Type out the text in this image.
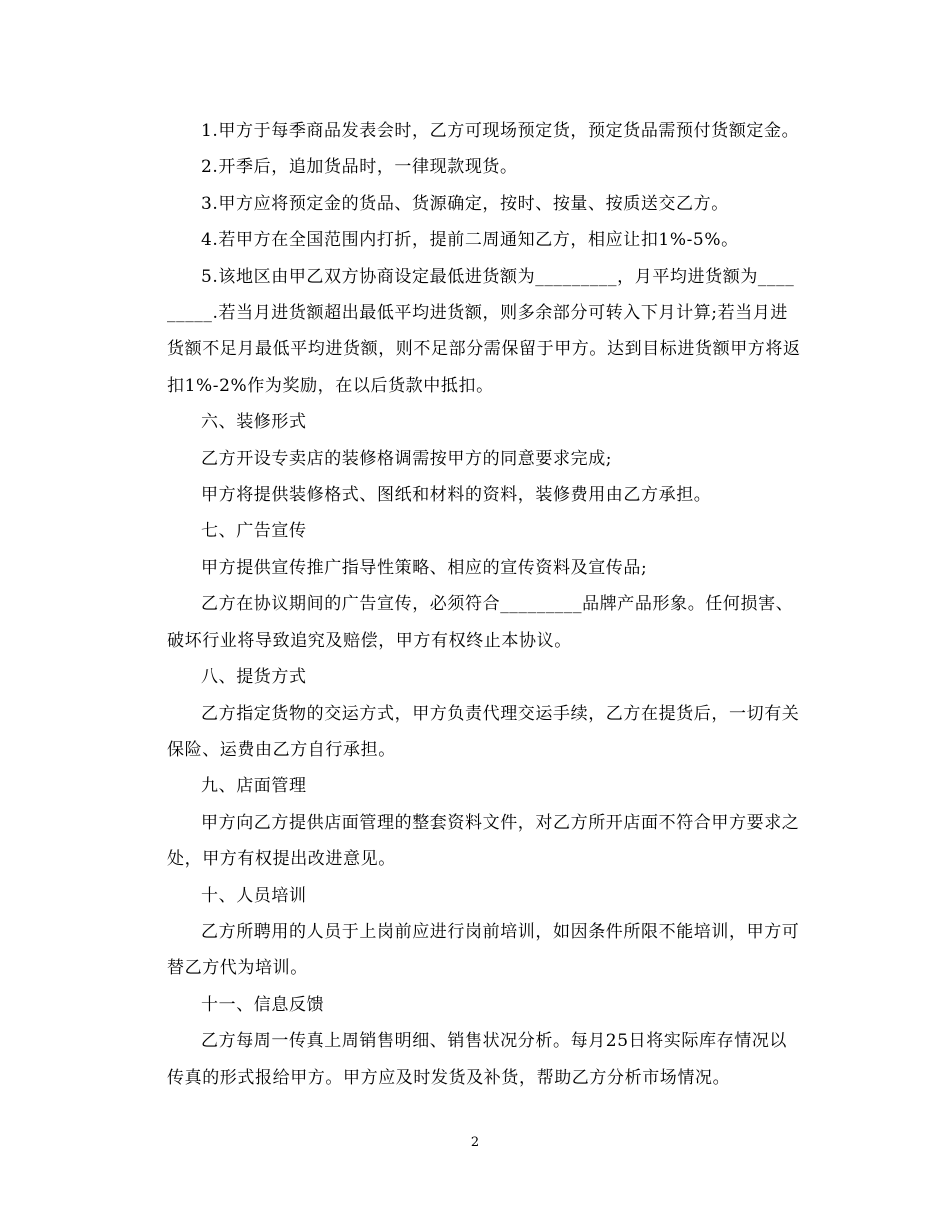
1.甲方于每季商品发表会时，乙方可现场预定货，预定货品需预付货额定金。

2.开季后，追加货品时，一律现款现货。

3.甲方应将预定金的货品、货源确定，按时、按量、按质送交乙方。

4.若甲方在全国范围内打折，提前二周通知乙方，相应让扣1%-5%。

5.该地区由甲乙双方协商设定最低进货额为_________，月平均进货额为_________.若当月进货额超出最低平均进货额，则多余部分可转入下月计算;若当月进货额不足月最低平均进货额，则不足部分需保留于甲方。达到目标进货额甲方将返扣1%-2%作为奖励，在以后货款中抵扣。

六、装修形式

乙方开设专卖店的装修格调需按甲方的同意要求完成;

甲方将提供装修格式、图纸和材料的资料，装修费用由乙方承担。

七、广告宣传

甲方提供宣传推广指导性策略、相应的宣传资料及宣传品;

乙方在协议期间的广告宣传，必须符合_________品牌产品形象。任何损害、破坏行业将导致追究及赔偿，甲方有权终止本协议。

八、提货方式

乙方指定货物的交运方式，甲方负责代理交运手续，乙方在提货后，一切有关保险、运费由乙方自行承担。

九、店面管理

甲方向乙方提供店面管理的整套资料文件，对乙方所开店面不符合甲方要求之处，甲方有权提出改进意见。

十、人员培训

乙方所聘用的人员于上岗前应进行岗前培训，如因条件所限不能培训，甲方可替乙方代为培训。

十一、信息反馈

乙方每周一传真上周销售明细、销售状况分析。每月25日将实际库存情况以传真的形式报给甲方。甲方应及时发货及补货，帮助乙方分析市场情况。

2
